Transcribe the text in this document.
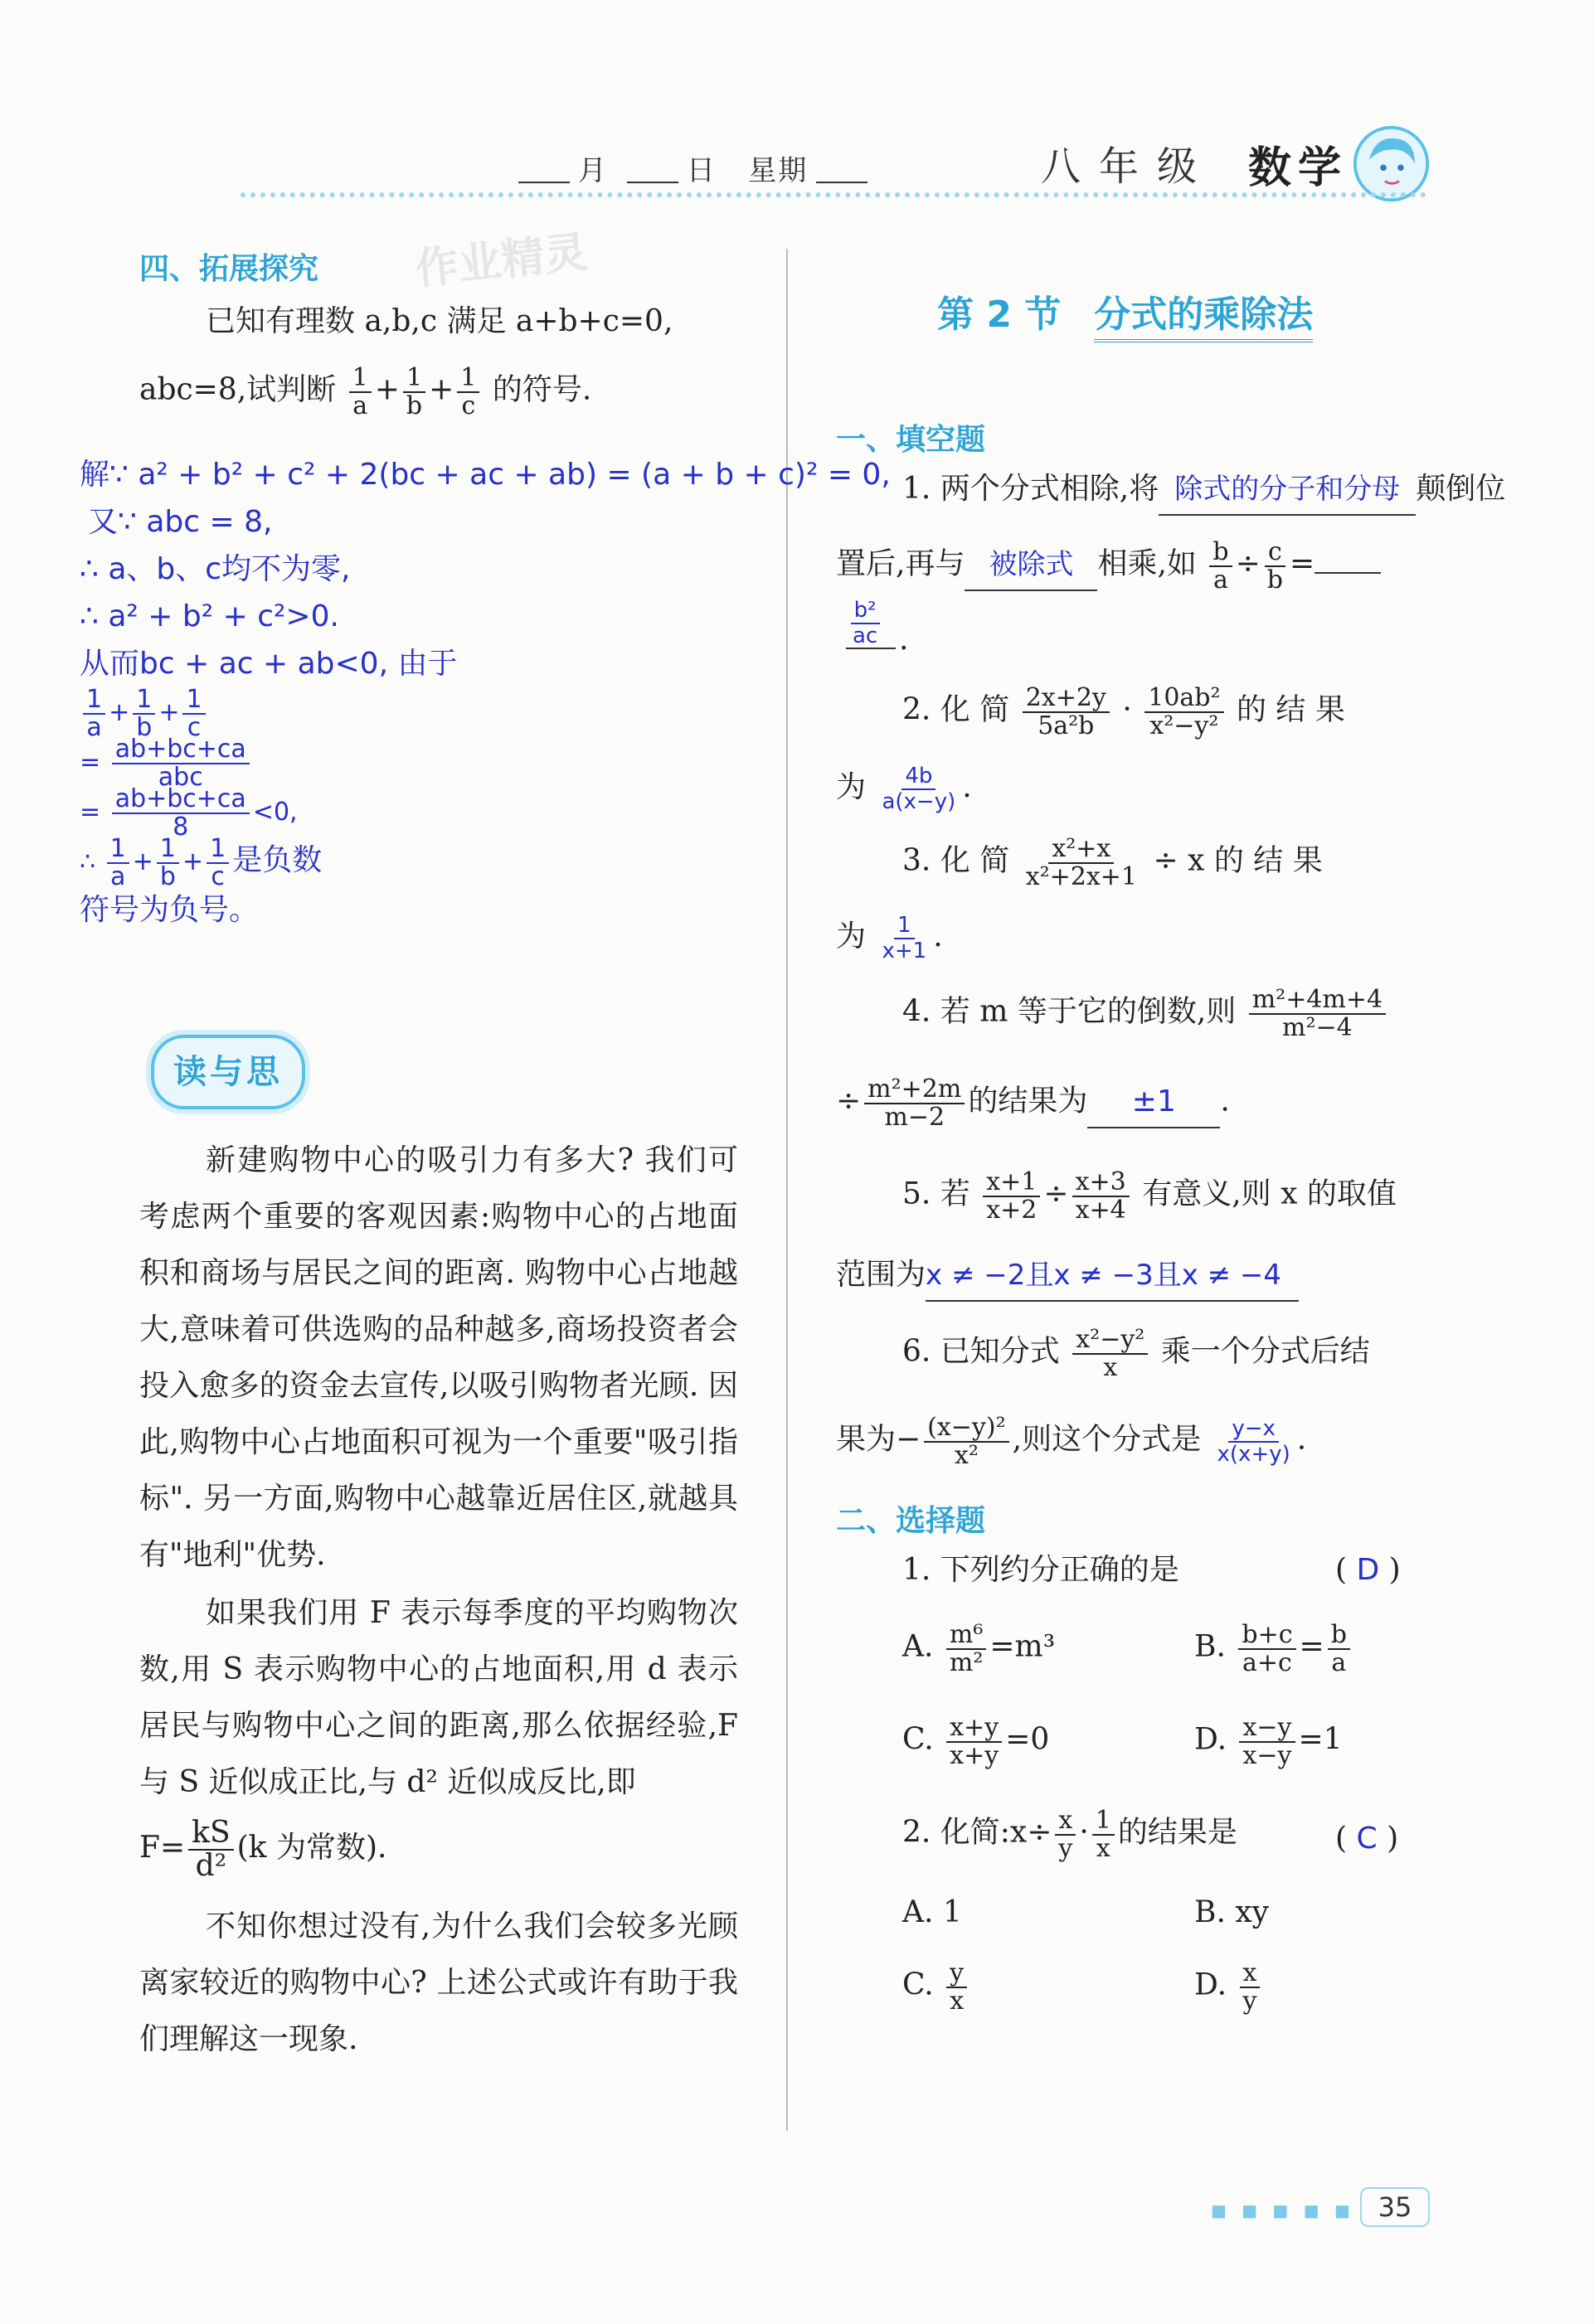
月	日 星期	八年级 数学
作业精灵
四、拓展探究
已知有理数 a,b,c 满足 a+b+c=0,
abc=8,试判断 $\frac{1}{a} + \frac{1}{b} + \frac{1}{c}$ 的符号.
解∵ a² + b² + c² + 2(bc + ac + ab) = (a + b + c)² = 0,
又∵ abc = 8,
∴ a、b、c均不为零,
∴ a² + b² + c²>0.
从而bc + ac + ab<0, 由于
$\frac{1}{a} + \frac{1}{b} + \frac{1}{c}$
= $\frac{ab+bc+ca}{\text{abc}}$
= $\frac{ab+bc+ca}{8} <0$,
∴ $\frac{1}{a} + \frac{1}{b} + \frac{1}{c}$ 是负数
符号为负号。
读与思
新建购物中心的吸引力有多大? 我们可考虑两个重要的客观因素:购物中心的占地面积和商场与居民之间的距离. 购物中心占地越大,意味着可供选购的品种越多,商场投资者会投入愈多的资金去宣传,以吸引购物者光顾. 因此,购物中心占地面积可视为一个重要"吸引指标". 另一方面,购物中心越靠近居住区,就越具有"地利"优势.
如果我们用 F 表示每季度的平均购物次数,用 S 表示购物中心的占地面积,用 d 表示居民与购物中心之间的距离,那么依据经验,F 与 S 近似成正比,与 d² 近似成反比,即
$F= \frac{kS}{\text{d²}} (k$ 为常数).
不知你想过没有,为什么我们会较多光顾离家较近的购物中心? 上述公式或许有助于我们理解这一现象.
第 2 节 分式的乘除法
一、填空题
1. 两个分式相除,将 除式的分子和分母 颠倒位
置后,再与 被除式 相乘,如 $\frac{b}{a} \div \frac{c}{b}$ =
$\frac{\text{b²}}{ac}$ .
2. 化 简 $\frac{2x+2y}{\text{5a²b}} \cdot \frac{\text{10ab²}}{\text{x²−y²}}$ 的 结 果
为 $\frac{4b}{a(x-y)}$ .
3. 化 简 $\frac{\text{x²+x}}{\text{x²+2x+1}} \div x$ 的 结 果
为 $\frac{1}{x+1}$ .
4. 若 m 等于它的倒数,则 $\frac{\text{m²+4m+4}}{\text{m²−4}}$
÷ $\frac{\text{m²+2m}}{m-2}$ 的结果为 ±1 .
5. 若 $\frac{x+1}{x+2} \div \frac{x+3}{x+4}$ 有意义,则 x 的取值
范围为x ≠ −2且x ≠ −3且x ≠ −4
6. 已知分式 $\frac{\text{x²−y²}}{x}$ 乘一个分式后结
果为− $\frac{\text{(x−y)²}}{\text{x²}}$ ,则这个分式是 $\frac{y-x}{x(x+y)}$ .
二、选择题
1. 下列约分正确的是	( D )
A. $\frac{\text{m⁶}}{\text{m²}} =m^3$	B. $\frac{b+c}{a+c} = \frac{b}{a}$
C. $\frac{x+y}{x+y} =0$	D. $\frac{x-y}{x-y} =1$
2. 化简:x÷ $\frac{x}{y} \cdot \frac{1}{x}$ 的结果是	( C )
A. 1	B. xy
C. $\frac{y}{x}$	D. $\frac{x}{y}$
■ ■ ■ ■ ■ 35
